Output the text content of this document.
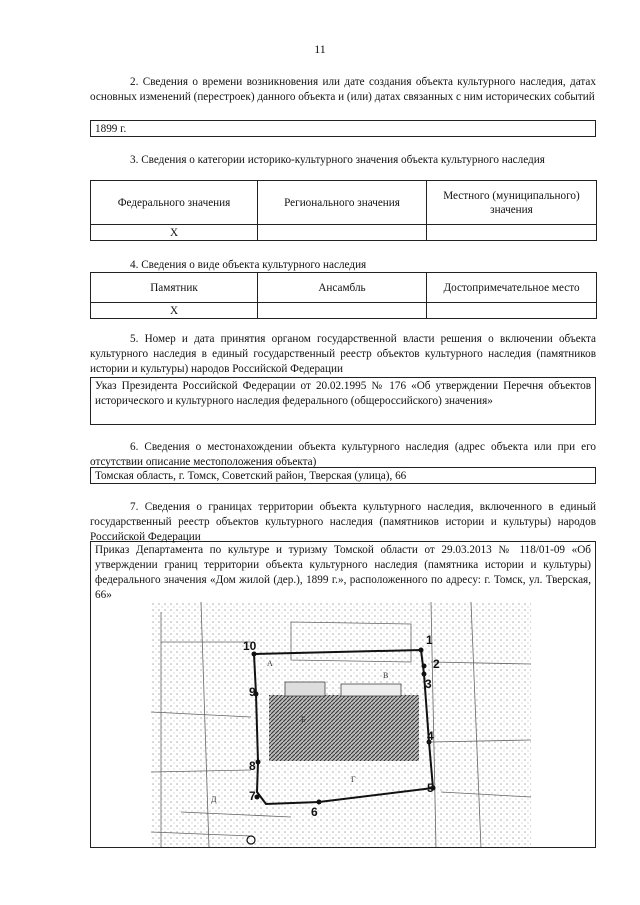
11
2. Сведения о времени возникновения или дате создания объекта культурного наследия, датах основных изменений (перестроек) данного объекта и (или) датах связанных с ним исторических событий
1899 г.
3. Сведения о категории историко-культурного значения объекта культурного наследия
Федерального значения	Регионального значения	Местного (муниципального) значения
Х		
4. Сведения о виде объекта культурного наследия
Памятник	Ансамбль	Достопримечательное место
Х		
5. Номер и дата принятия органом государственной власти решения о включении объекта культурного наследия в единый государственный реестр объектов культурного наследия (памятников истории и культуры) народов Российской Федерации
Указ Президента Российской Федерации от 20.02.1995 № 176 «Об утверждении Перечня объектов исторического и культурного наследия федерального (общероссийского) значения»
6. Сведения о местонахождении объекта культурного наследия (адрес объекта или при его отсутствии описание местоположения объекта)
Томская область, г. Томск, Советский район, Тверская (улица), 66
7. Сведения о границах территории объекта культурного наследия, включенного в единый государственный реестр объектов культурного наследия (памятников истории и культуры) народов Российской Федерации
Приказ Департамента по культуре и туризму Томской области от 29.03.2013 № 118/01-09 «Об утверждении границ территории объекта культурного наследия (памятника истории и культуры) федерального значения «Дом жилой (дер.), 1899 г.», расположенного по адресу: г. Томск, ул. Тверская, 66»
1
2
3
4
5
6
7
8
9
10
А
Б
В
Г
Д
